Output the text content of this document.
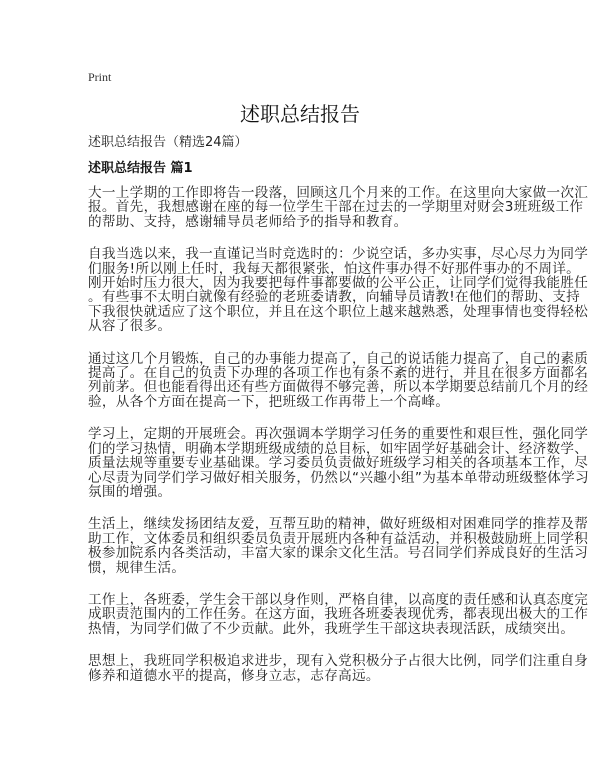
Print
述职总结报告
述职总结报告（精选24篇）
述职总结报告 篇1
大一上学期的工作即将告一段落，回顾这几个月来的工作。在这里向大家做一次汇
报。首先，我想感谢在座的每一位学生干部在过去的一学期里对财会3班班级工作
的帮助、支持，感谢辅导员老师给予的指导和教育。
自我当选以来，我一直谨记当时竞选时的：少说空话，多办实事，尽心尽力为同学
们服务!所以刚上任时，我每天都很紧张，怕这件事办得不好那件事办的不周详。
刚开始时压力很大，因为我要把每件事都要做的公平公正，让同学们觉得我能胜任
。有些事不太明白就像有经验的老班委请教，向辅导员请教!在他们的帮助、支持
下我很快就适应了这个职位，并且在这个职位上越来越熟悉，处理事情也变得轻松
从容了很多。
通过这几个月锻炼，自己的办事能力提高了，自己的说话能力提高了，自己的素质
提高了。在自己的负责下办理的各项工作也有条不紊的进行，并且在很多方面都名
列前茅。但也能看得出还有些方面做得不够完善，所以本学期要总结前几个月的经
验，从各个方面在提高一下，把班级工作再带上一个高峰。
学习上，定期的开展班会。再次强调本学期学习任务的重要性和艰巨性，强化同学
们的学习热情，明确本学期班级成绩的总目标，如牢固学好基础会计、经济数学、
质量法规等重要专业基础课。学习委员负责做好班级学习相关的各项基本工作，尽
心尽责为同学们学习做好相关服务，仍然以“兴趣小组”为基本单带动班级整体学习
氛围的增强。
生活上，继续发扬团结友爱，互帮互助的精神，做好班级相对困难同学的推荐及帮
助工作，文体委员和组织委员负责开展班内各种有益活动，并积极鼓励班上同学积
极参加院系内各类活动，丰富大家的课余文化生活。号召同学们养成良好的生活习
惯，规律生活。
工作上，各班委，学生会干部以身作则，严格自律，以高度的责任感和认真态度完
成职责范围内的工作任务。在这方面，我班各班委表现优秀，都表现出极大的工作
热情，为同学们做了不少贡献。此外，我班学生干部这块表现活跃，成绩突出。
思想上，我班同学积极追求进步，现有入党积极分子占很大比例，同学们注重自身
修养和道德水平的提高，修身立志，志存高远。
